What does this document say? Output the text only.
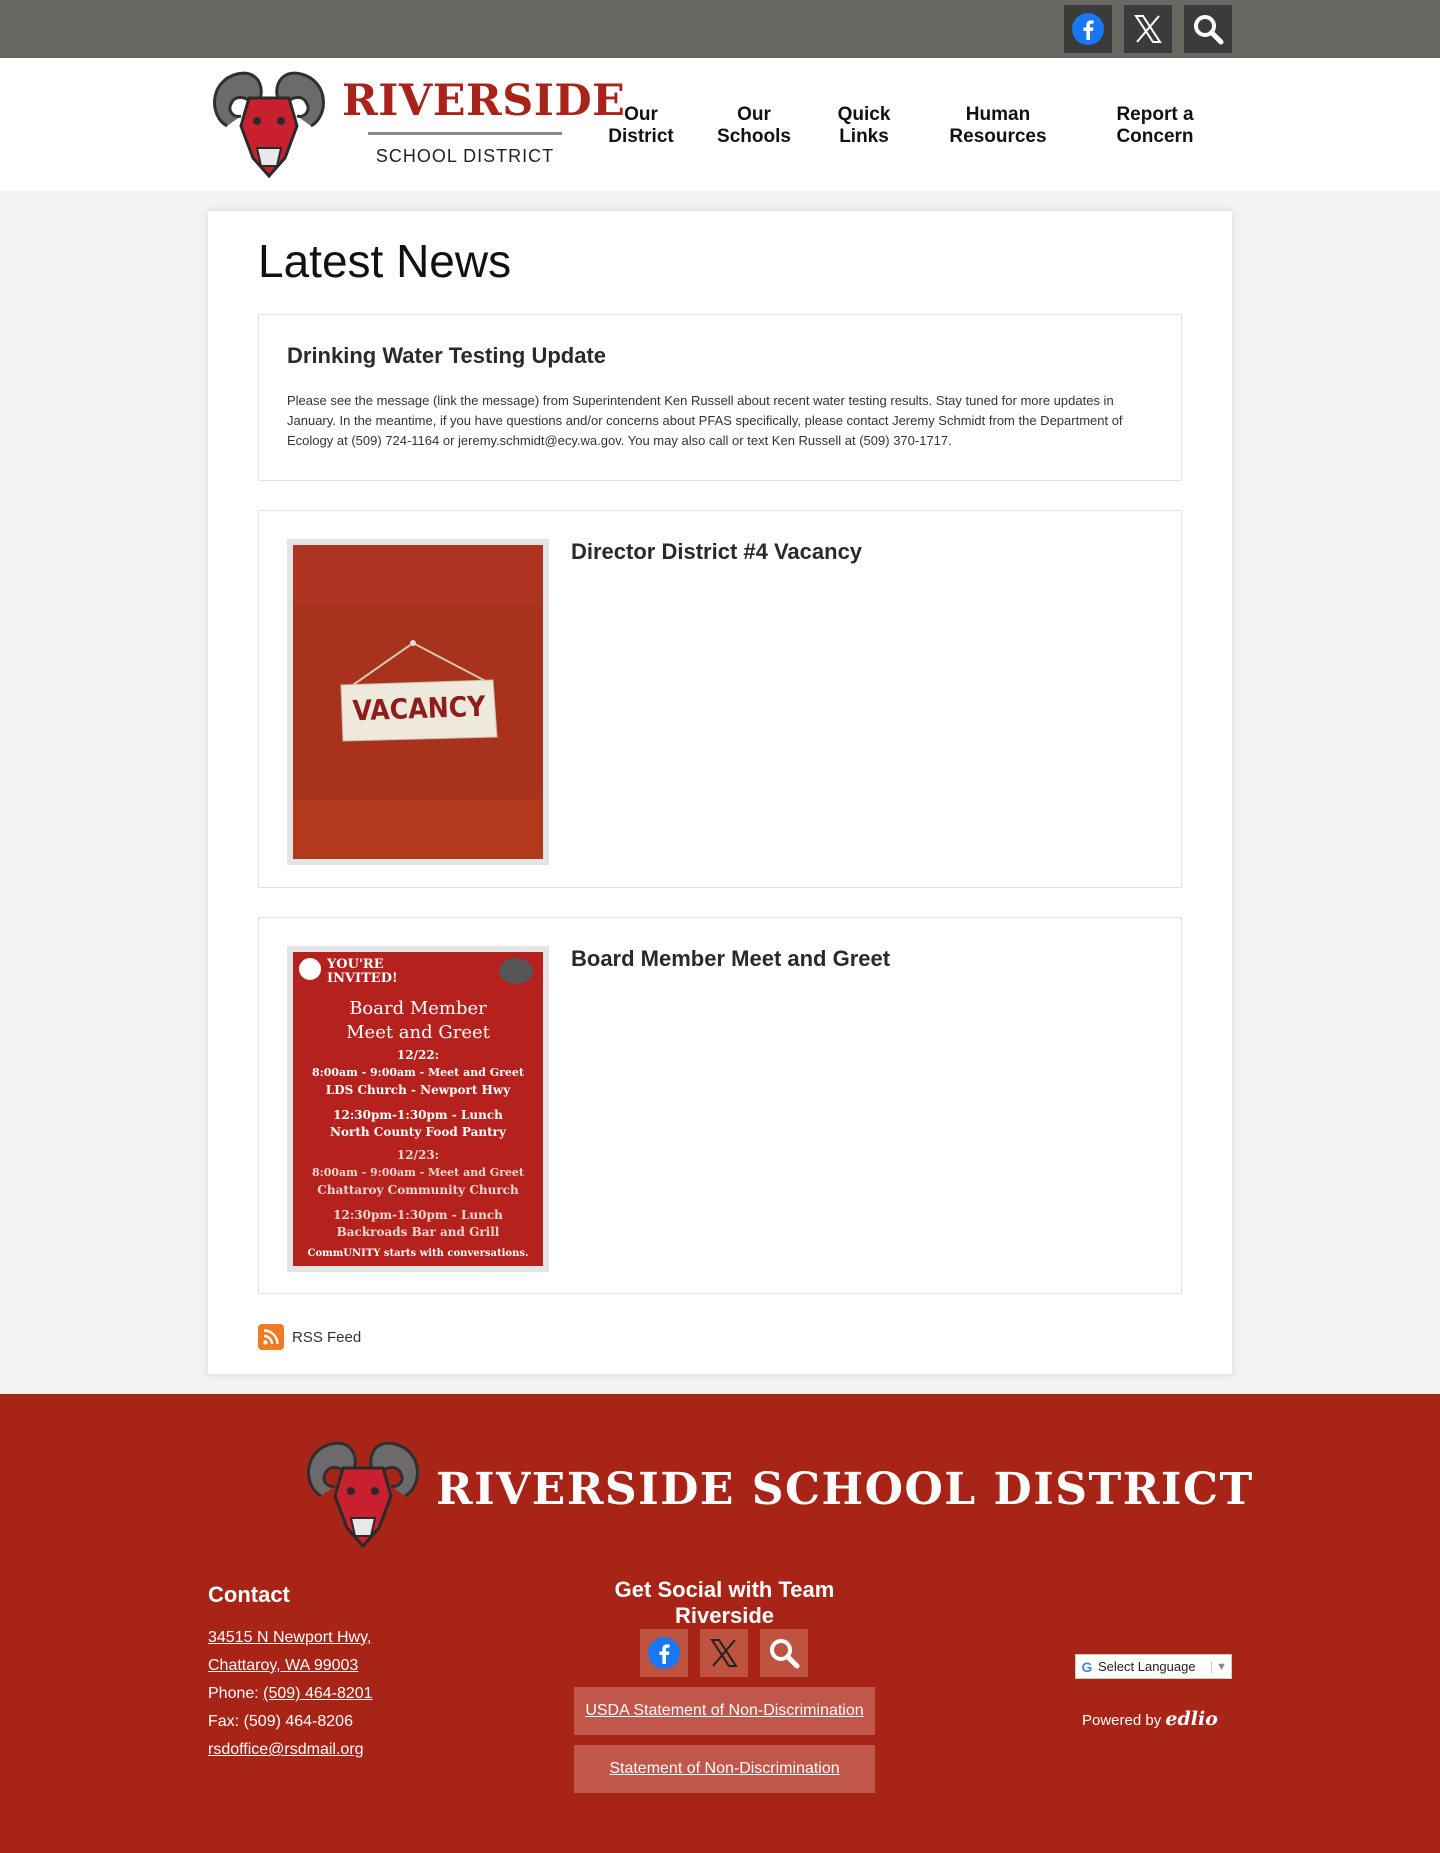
RIVERSIDE
SCHOOL DISTRICT
Our
District
Our
Schools
Quick
Links
Human
Resources
Report a
Concern
Latest News
Drinking Water Testing Update

Please see the message (link the message) from Superintendent Ken Russell about recent water testing results. Stay tuned for more updates in January. In the meantime, if you have questions and/or concerns about PFAS specifically, please contact Jeremy Schmidt from the Department of Ecology at (509) 724-1164 or jeremy.schmidt@ecy.wa.gov. You may also call or text Ken Russell at (509) 370-1717.

VACANCY
Director District #4 Vacancy
YOU'RE INVITED!
Board Member
Meet and Greet
12/22:
8:00am - 9:00am - Meet and Greet
LDS Church - Newport Hwy
12:30pm-1:30pm - Lunch
North County Food Pantry
12/23:
8:00am - 9:00am - Meet and Greet
Chattaroy Community Church
12:30pm-1:30pm - Lunch
Backroads Bar and Grill
CommUNITY starts with conversations.
Board Member Meet and Greet
RSS Feed
RIVERSIDE SCHOOL DISTRICT
Contact
34515 N Newport Hwy,
Chattaroy, WA 99003
Phone: (509) 464-8201
Fax: (509) 464-8206
rsdoffice@rsdmail.org
Get Social with Team Riverside
USDA Statement of Non-Discrimination
Statement of Non-Discrimination
G Select Language	▼
Powered by edlio
